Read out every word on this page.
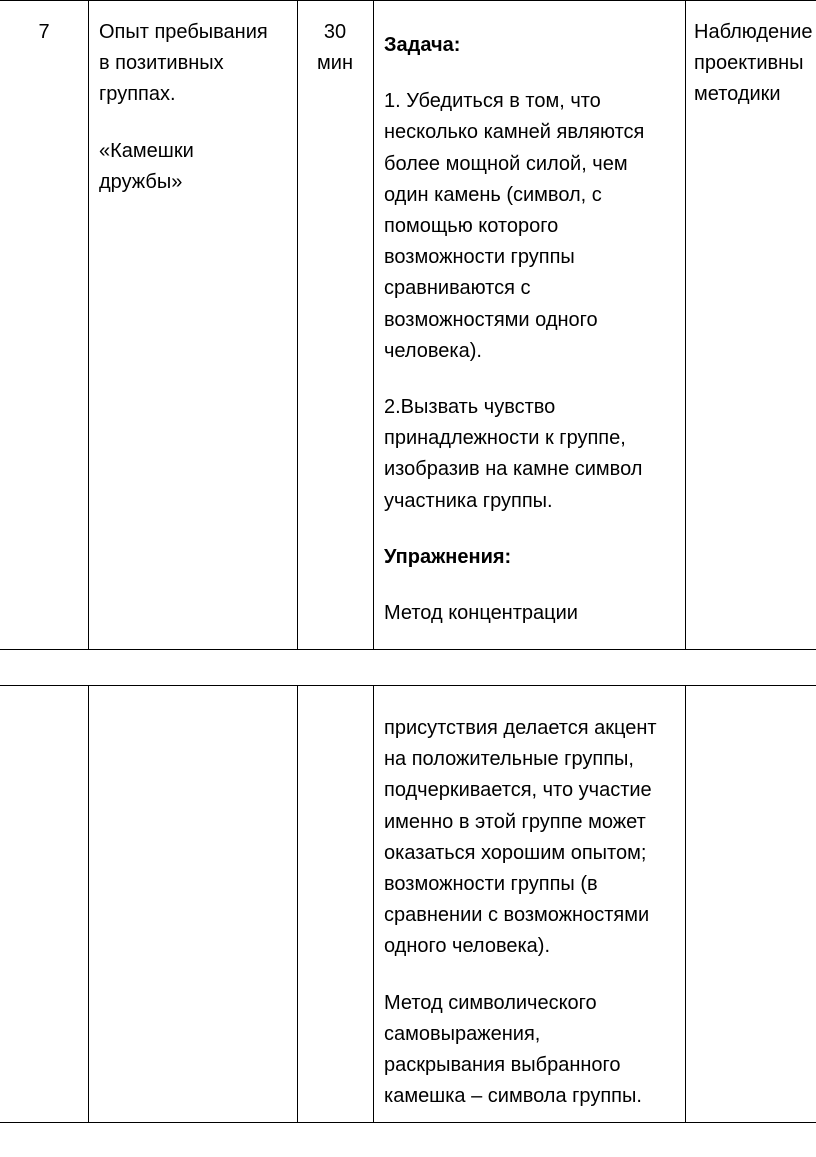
7	Опыт пребывания

в позитивных

группах.

«Камешки

дружбы»

30

мин

Задача:

1. Убедиться в том, что

несколько камней являются

более мощной силой, чем

один камень (символ, с

помощью которого

возможности группы

сравниваются с

возможностями одного

человека).

2.Вызвать чувство

принадлежности к группе,

изобразив на камне символ

участника группы.

Упражнения:

Метод концентрации

Наблюдение

проективны

методики

присутствия делается акцент

на положительные группы,

подчеркивается, что участие

именно в этой группе может

оказаться хорошим опытом;

возможности группы (в

сравнении с возможностями

одного человека).

Метод символического

самовыражения,

раскрывания выбранного

камешка – символа группы.
